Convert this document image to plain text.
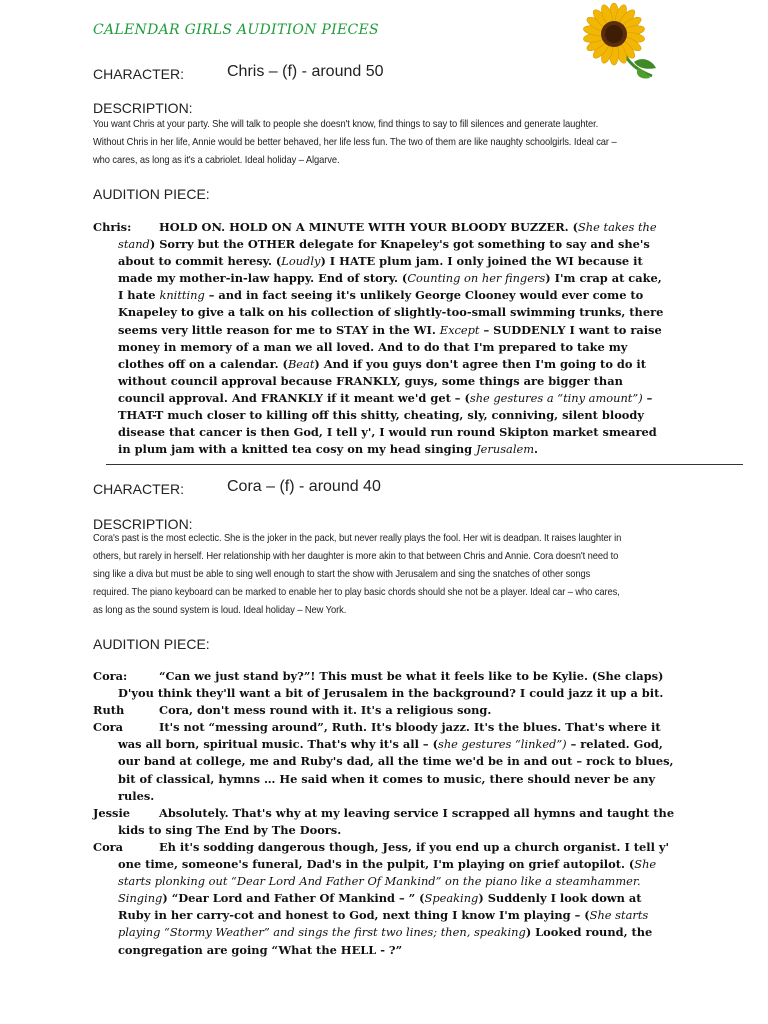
CALENDAR GIRLS AUDITION PIECES
CHARACTER:	Chris – (f) - around 50
DESCRIPTION:
You want Chris at your party. She will talk to people she doesn't know, find things to say to fill silences and generate laughter. Without Chris in her life, Annie would be better behaved, her life less fun. The two of them are like naughty schoolgirls. Ideal car – who cares, as long as it's a cabriolet. Ideal holiday – Algarve.
AUDITION PIECE:
Chris: HOLD ON. HOLD ON A MINUTE WITH YOUR BLOODY BUZZER. (She takes the stand) Sorry but the OTHER delegate for Knapeley's got something to say and she's about to commit heresy. (Loudly) I HATE plum jam. I only joined the WI because it made my mother-in-law happy. End of story. (Counting on her fingers) I'm crap at cake, I hate knitting – and in fact seeing it's unlikely George Clooney would ever come to Knapeley to give a talk on his collection of slightly-too-small swimming trunks, there seems very little reason for me to STAY in the WI. Except – SUDDENLY I want to raise money in memory of a man we all loved. And to do that I'm prepared to take my clothes off on a calendar. (Beat) And if you guys don't agree then I'm going to do it without council approval because FRANKLY, guys, some things are bigger than council approval. And FRANKLY if it meant we'd get – (she gestures a “tiny amount”) – THAT-T much closer to killing off this shitty, cheating, sly, conniving, silent bloody disease that cancer is then God, I tell y', I would run round Skipton market smeared in plum jam with a knitted tea cosy on my head singing Jerusalem.
CHARACTER:	Cora – (f) - around 40
DESCRIPTION:
Cora's past is the most eclectic. She is the joker in the pack, but never really plays the fool. Her wit is deadpan. It raises laughter in others, but rarely in herself. Her relationship with her daughter is more akin to that between Chris and Annie. Cora doesn't need to sing like a diva but must be able to sing well enough to start the show with Jerusalem and sing the snatches of other songs required. The piano keyboard can be marked to enable her to play basic chords should she not be a player. Ideal car – who cares, as long as the sound system is loud. Ideal holiday – New York.
AUDITION PIECE:
Cora:	“Can we just stand by?”! This must be what it feels like to be Kylie. (She claps) D'you think they'll want a bit of Jerusalem in the background? I could jazz it up a bit.
Ruth	Cora, don't mess round with it. It's a religious song.
Cora	It's not “messing around”, Ruth. It's bloody jazz. It's the blues. That's where it was all born, spiritual music. That's why it's all – (she gestures “linked”) – related. God, our band at college, me and Ruby's dad, all the time we'd be in and out – rock to blues, bit of classical, hymns … He said when it comes to music, there should never be any rules.
Jessie	Absolutely. That's why at my leaving service I scrapped all hymns and taught the kids to sing The End by The Doors.
Cora	Eh it's sodding dangerous though, Jess, if you end up a church organist. I tell y' one time, someone's funeral, Dad's in the pulpit, I'm playing on grief autopilot. (She starts plonking out “Dear Lord And Father Of Mankind” on the piano like a steamhammer. Singing) “Dear Lord and Father Of Mankind – ” (Speaking) Suddenly I look down at Ruby in her carry-cot and honest to God, next thing I know I'm playing – (She starts playing “Stormy Weather” and sings the first two lines; then, speaking) Looked round, the congregation are going “What the HELL - ?”
